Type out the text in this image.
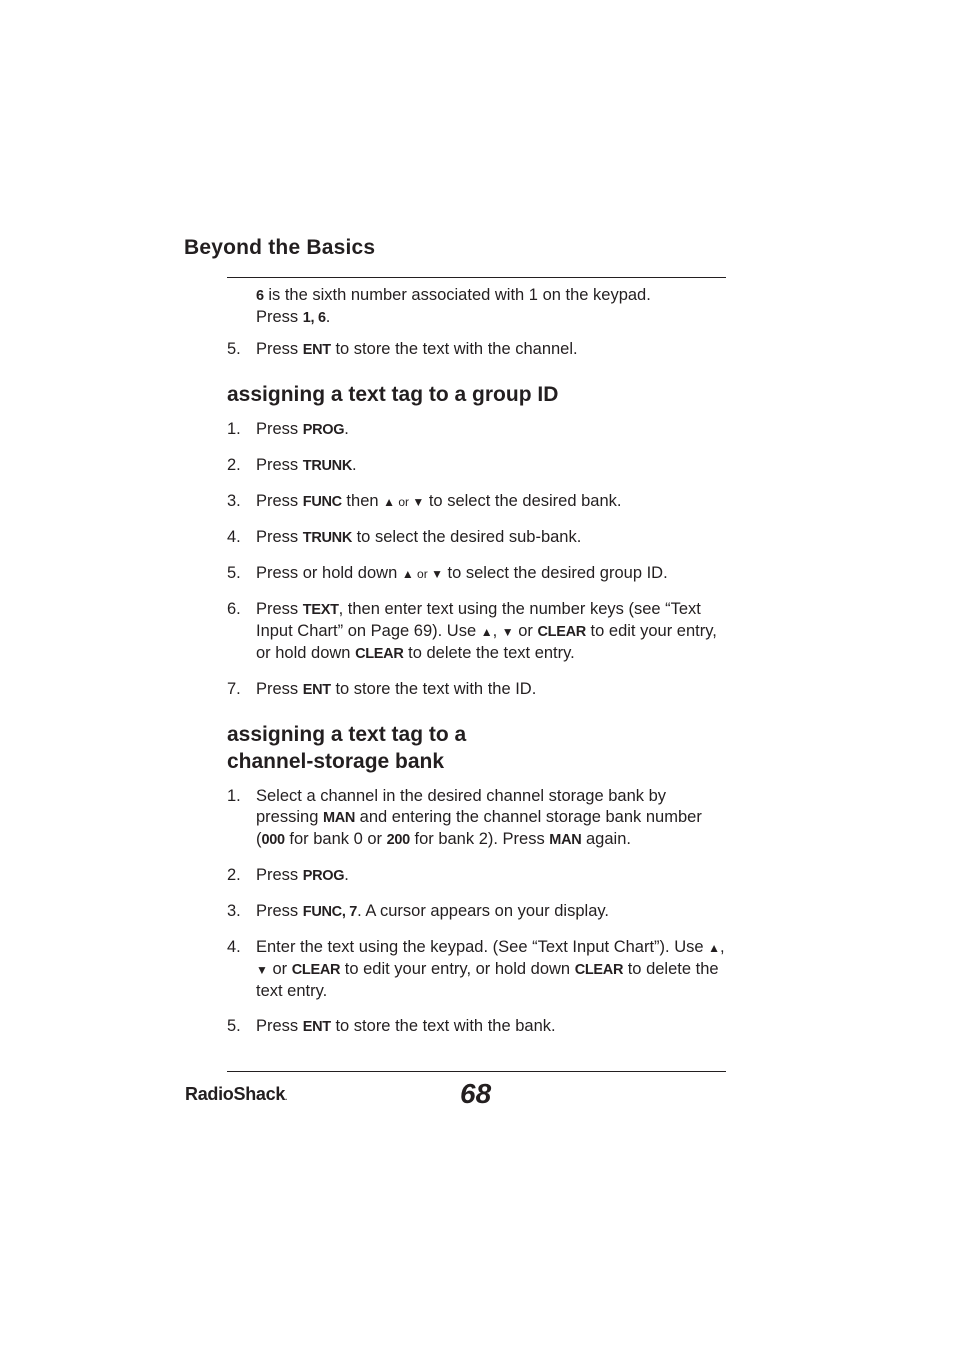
Beyond the Basics
6 is the sixth number associated with 1 on the keypad.
Press 1, 6.
5. Press ENT to store the text with the channel.
assigning a text tag to a group ID
1. Press PROG.
2. Press TRUNK.
3. Press FUNC then ▲ or ▼ to select the desired bank.
4. Press TRUNK to select the desired sub-bank.
5. Press or hold down ▲ or ▼ to select the desired group ID.
6. Press TEXT, then enter text using the number keys (see “Text Input Chart” on Page 69). Use ▲, ▼ or CLEAR to edit your entry, or hold down CLEAR to delete the text entry.
7. Press ENT to store the text with the ID.
assigning a text tag to a
channel-storage bank
1. Select a channel in the desired channel storage bank by pressing MAN and entering the channel storage bank number (000 for bank 0 or 200 for bank 2). Press MAN again.
2. Press PROG.
3. Press FUNC, 7. A cursor appears on your display.
4. Enter the text using the keypad. (See “Text Input Chart”). Use ▲, ▼ or CLEAR to edit your entry, or hold down CLEAR to delete the text entry.
5. Press ENT to store the text with the bank.
RadioShack.	68
